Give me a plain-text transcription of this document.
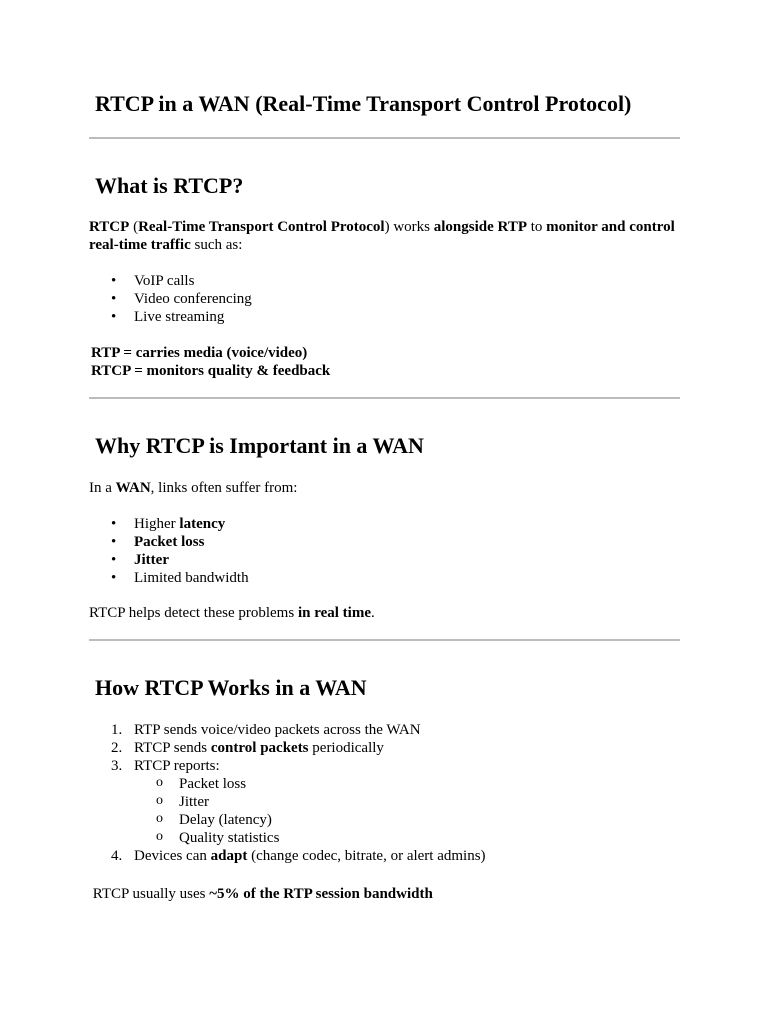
RTCP in a WAN (Real-Time Transport Control Protocol)
What is RTCP?

RTCP (Real-Time Transport Control Protocol) works alongside RTP to monitor and control real-time traffic such as:

• VoIP calls
• Video conferencing
• Live streaming

RTP = carries media (voice/video)
RTCP = monitors quality & feedback

Why RTCP is Important in a WAN

In a WAN, links often suffer from:

• Higher latency
• Packet loss
• Jitter
• Limited bandwidth

RTCP helps detect these problems in real time.

How RTCP Works in a WAN
1. RTP sends voice/video packets across the WAN
2. RTCP sends control packets periodically
3. RTCP reports:
o Packet loss
o Jitter
o Delay (latency)
o Quality statistics
4. Devices can adapt (change codec, bitrate, or alert admins)

RTCP usually uses ~5% of the RTP session bandwidth
